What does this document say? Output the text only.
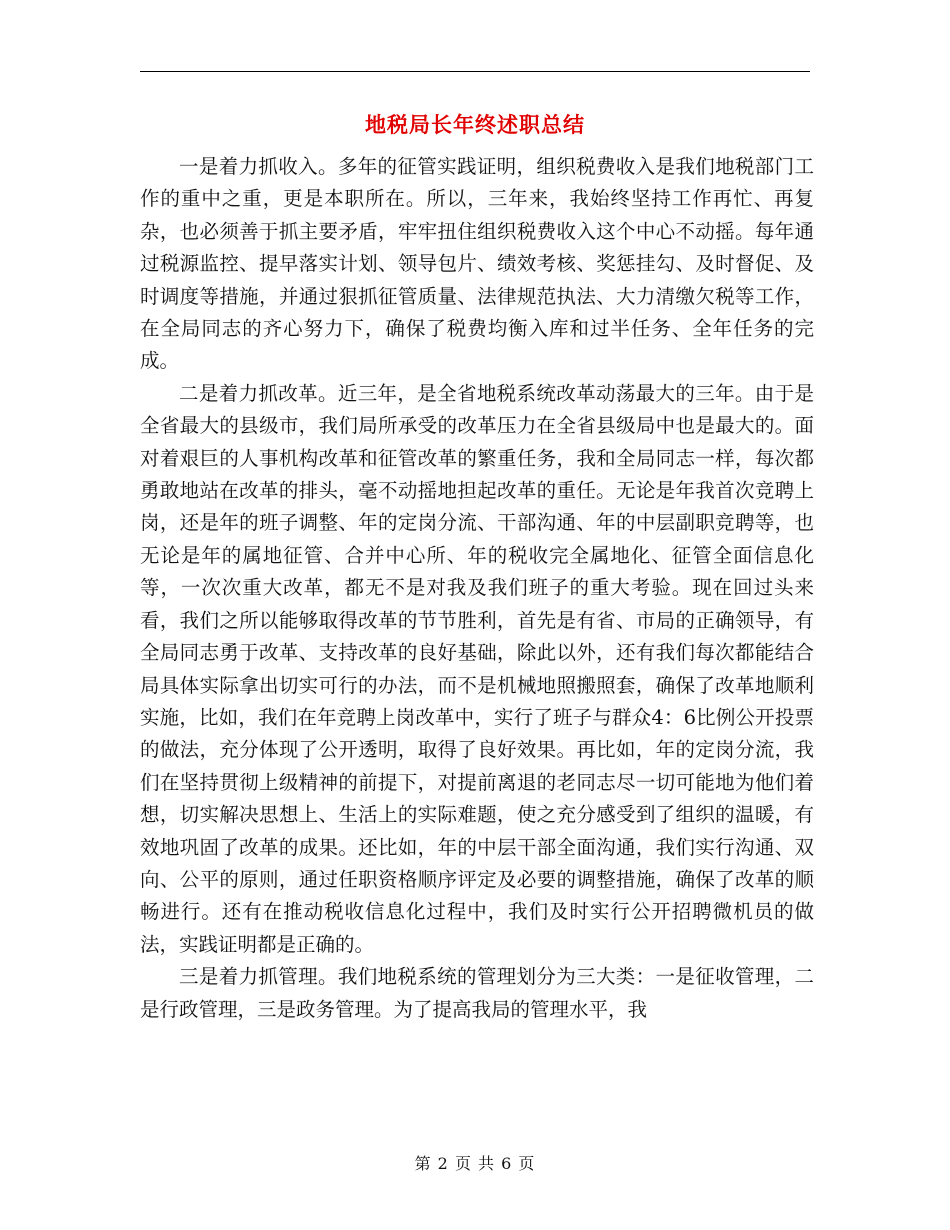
地税局长年终述职总结

一是着力抓收入。多年的征管实践证明，组织税费收入是我们地税部门工作的重中之重，更是本职所在。所以，三年来，我始终坚持工作再忙、再复杂，也必须善于抓主要矛盾，牢牢扭住组织税费收入这个中心不动摇。每年通过税源监控、提早落实计划、领导包片、绩效考核、奖惩挂勾、及时督促、及时调度等措施，并通过狠抓征管质量、法律规范执法、大力清缴欠税等工作，在全局同志的齐心努力下，确保了税费均衡入库和过半任务、全年任务的完成。

二是着力抓改革。近三年，是全省地税系统改革动荡最大的三年。由于是全省最大的县级市，我们局所承受的改革压力在全省县级局中也是最大的。面对着艰巨的人事机构改革和征管改革的繁重任务，我和全局同志一样，每次都勇敢地站在改革的排头，毫不动摇地担起改革的重任。无论是年我首次竞聘上岗，还是年的班子调整、年的定岗分流、干部沟通、年的中层副职竞聘等，也无论是年的属地征管、合并中心所、年的税收完全属地化、征管全面信息化等，一次次重大改革，都无不是对我及我们班子的重大考验。现在回过头来看，我们之所以能够取得改革的节节胜利，首先是有省、市局的正确领导，有全局同志勇于改革、支持改革的良好基础，除此以外，还有我们每次都能结合局具体实际拿出切实可行的办法，而不是机械地照搬照套，确保了改革地顺利实施，比如，我们在年竞聘上岗改革中，实行了班子与群众4：6比例公开投票的做法，充分体现了公开透明，取得了良好效果。再比如，年的定岗分流，我们在坚持贯彻上级精神的前提下，对提前离退的老同志尽一切可能地为他们着想，切实解决思想上、生活上的实际难题，使之充分感受到了组织的温暖，有效地巩固了改革的成果。还比如，年的中层干部全面沟通，我们实行沟通、双向、公平的原则，通过任职资格顺序评定及必要的调整措施，确保了改革的顺畅进行。还有在推动税收信息化过程中，我们及时实行公开招聘微机员的做法，实践证明都是正确的。

三是着力抓管理。我们地税系统的管理划分为三大类：一是征收管理，二是行政管理，三是政务管理。为了提高我局的管理水平，我

第 2 页 共 6 页
